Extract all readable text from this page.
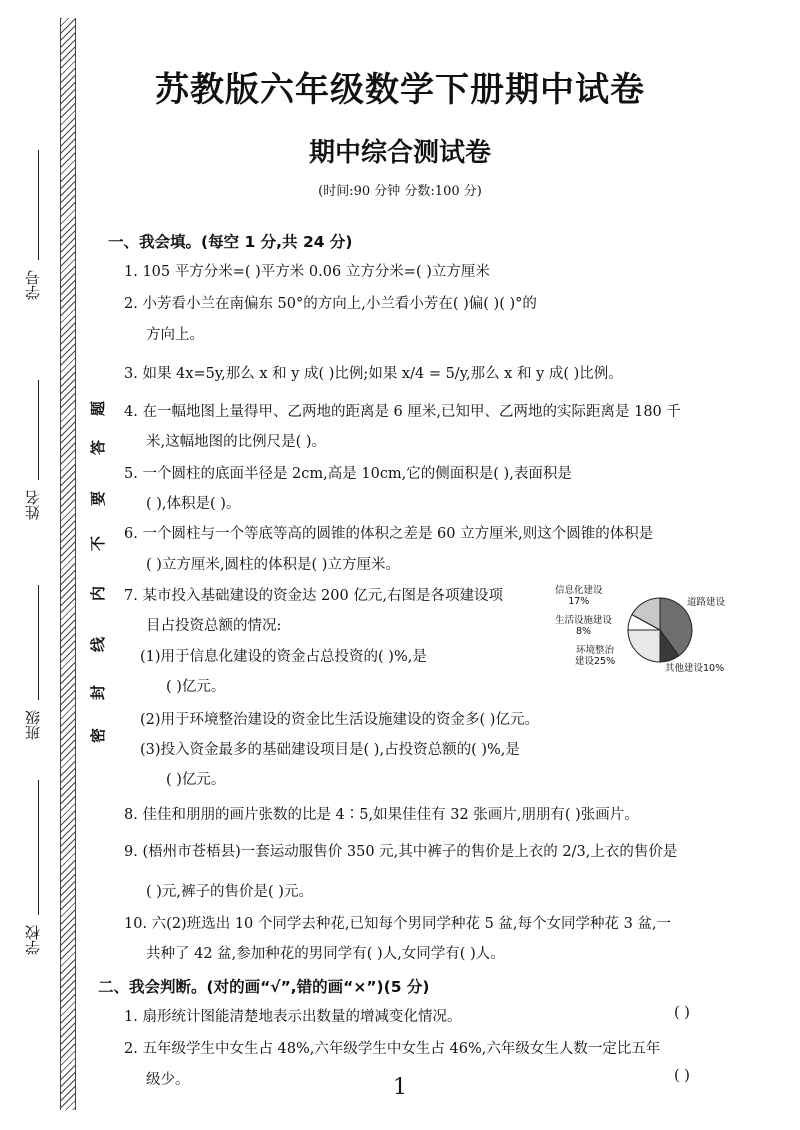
学号
姓名
班级
学校
题
答
要
不
内
线
封
密
苏教版六年级数学下册期中试卷
期中综合测试卷
(时间:90 分钟 分数:100 分)
一、我会填。(每空 1 分,共 24 分)
1. 105 平方分米=( )平方米 0.06 立方分米=( )立方厘米
2. 小芳看小兰在南偏东 50°的方向上,小兰看小芳在( )偏( )( )°的
方向上。
3. 如果 4x=5y,那么 x 和 y 成( )比例;如果 x/4 = 5/y,那么 x 和 y 成( )比例。
4. 在一幅地图上量得甲、乙两地的距离是 6 厘米,已知甲、乙两地的实际距离是 180 千
米,这幅地图的比例尺是( )。
5. 一个圆柱的底面半径是 2cm,高是 10cm,它的侧面积是( ),表面积是
( ),体积是( )。
6. 一个圆柱与一个等底等高的圆锥的体积之差是 60 立方厘米,则这个圆锥的体积是
( )立方厘米,圆柱的体积是( )立方厘米。
7. 某市投入基础建设的资金达 200 亿元,右图是各项建设项
目占投资总额的情况:
(1)用于信息化建设的资金占总投资的( )%,是
( )亿元。
(2)用于环境整治建设的资金比生活设施建设的资金多( )亿元。
(3)投入资金最多的基础建设项目是( ),占投资总额的( )%,是
( )亿元。
8. 佳佳和朋朋的画片张数的比是 4∶5,如果佳佳有 32 张画片,朋朋有( )张画片。
9. (梧州市苍梧县)一套运动服售价 350 元,其中裤子的售价是上衣的 2/3,上衣的售价是
( )元,裤子的售价是( )元。
10. 六(2)班选出 10 个同学去种花,已知每个男同学种花 5 盆,每个女同学种花 3 盆,一
共种了 42 盆,参加种花的男同学有( )人,女同学有( )人。
信息化建设
17%
生活设施建设
8%
环境整治
建设25%
道路建设
其他建设10%
二、我会判断。(对的画“√”,错的画“×”)(5 分)
1. 扇形统计图能清楚地表示出数量的增减变化情况。	( )
2. 五年级学生中女生占 48%,六年级学生中女生占 46%,六年级女生人数一定比五年
级少。	( )
1
